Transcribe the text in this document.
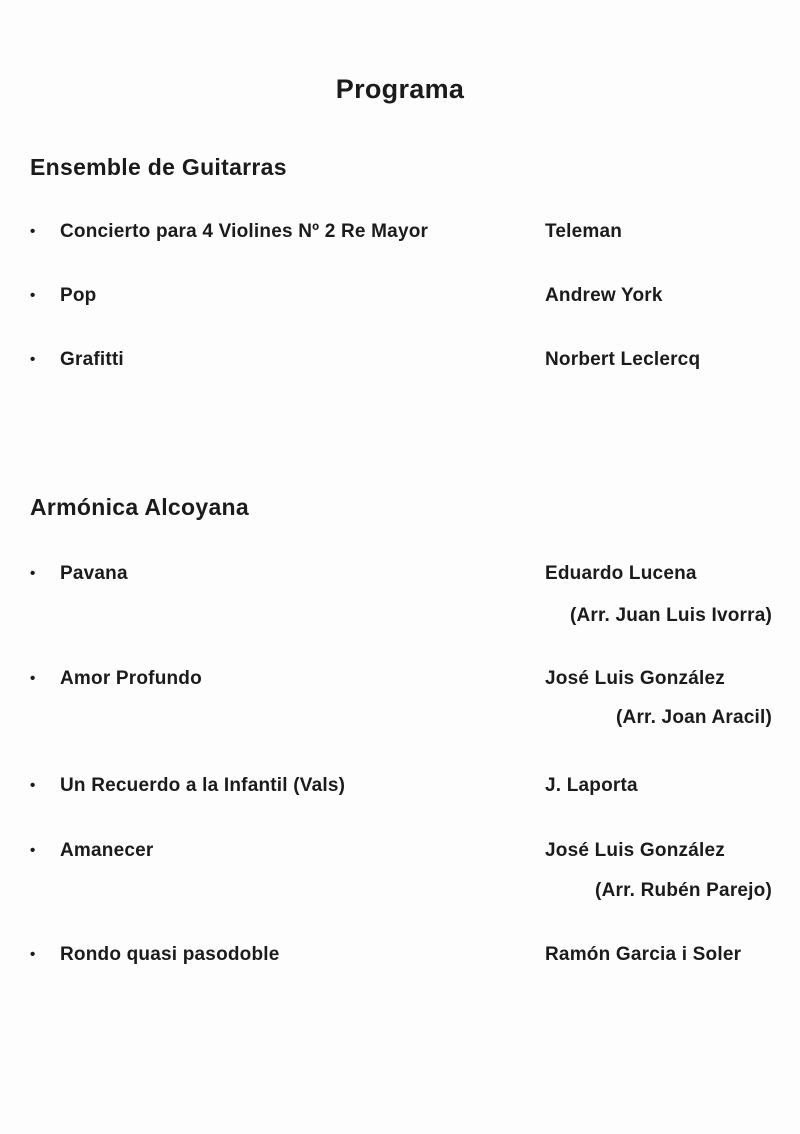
Programa
Ensemble de Guitarras
• Concierto para 4 Violines Nº 2 Re Mayor	Teleman
• Pop	Andrew York
• Grafitti	Norbert Leclercq
Armónica Alcoyana
• Pavana	Eduardo Lucena
(Arr. Juan Luis Ivorra)
• Amor Profundo	José Luis González
(Arr. Joan Aracil)
• Un Recuerdo a la Infantil (Vals)	J. Laporta
• Amanecer	José Luis González
(Arr. Rubén Parejo)
• Rondo quasi pasodoble	Ramón Garcia i Soler
